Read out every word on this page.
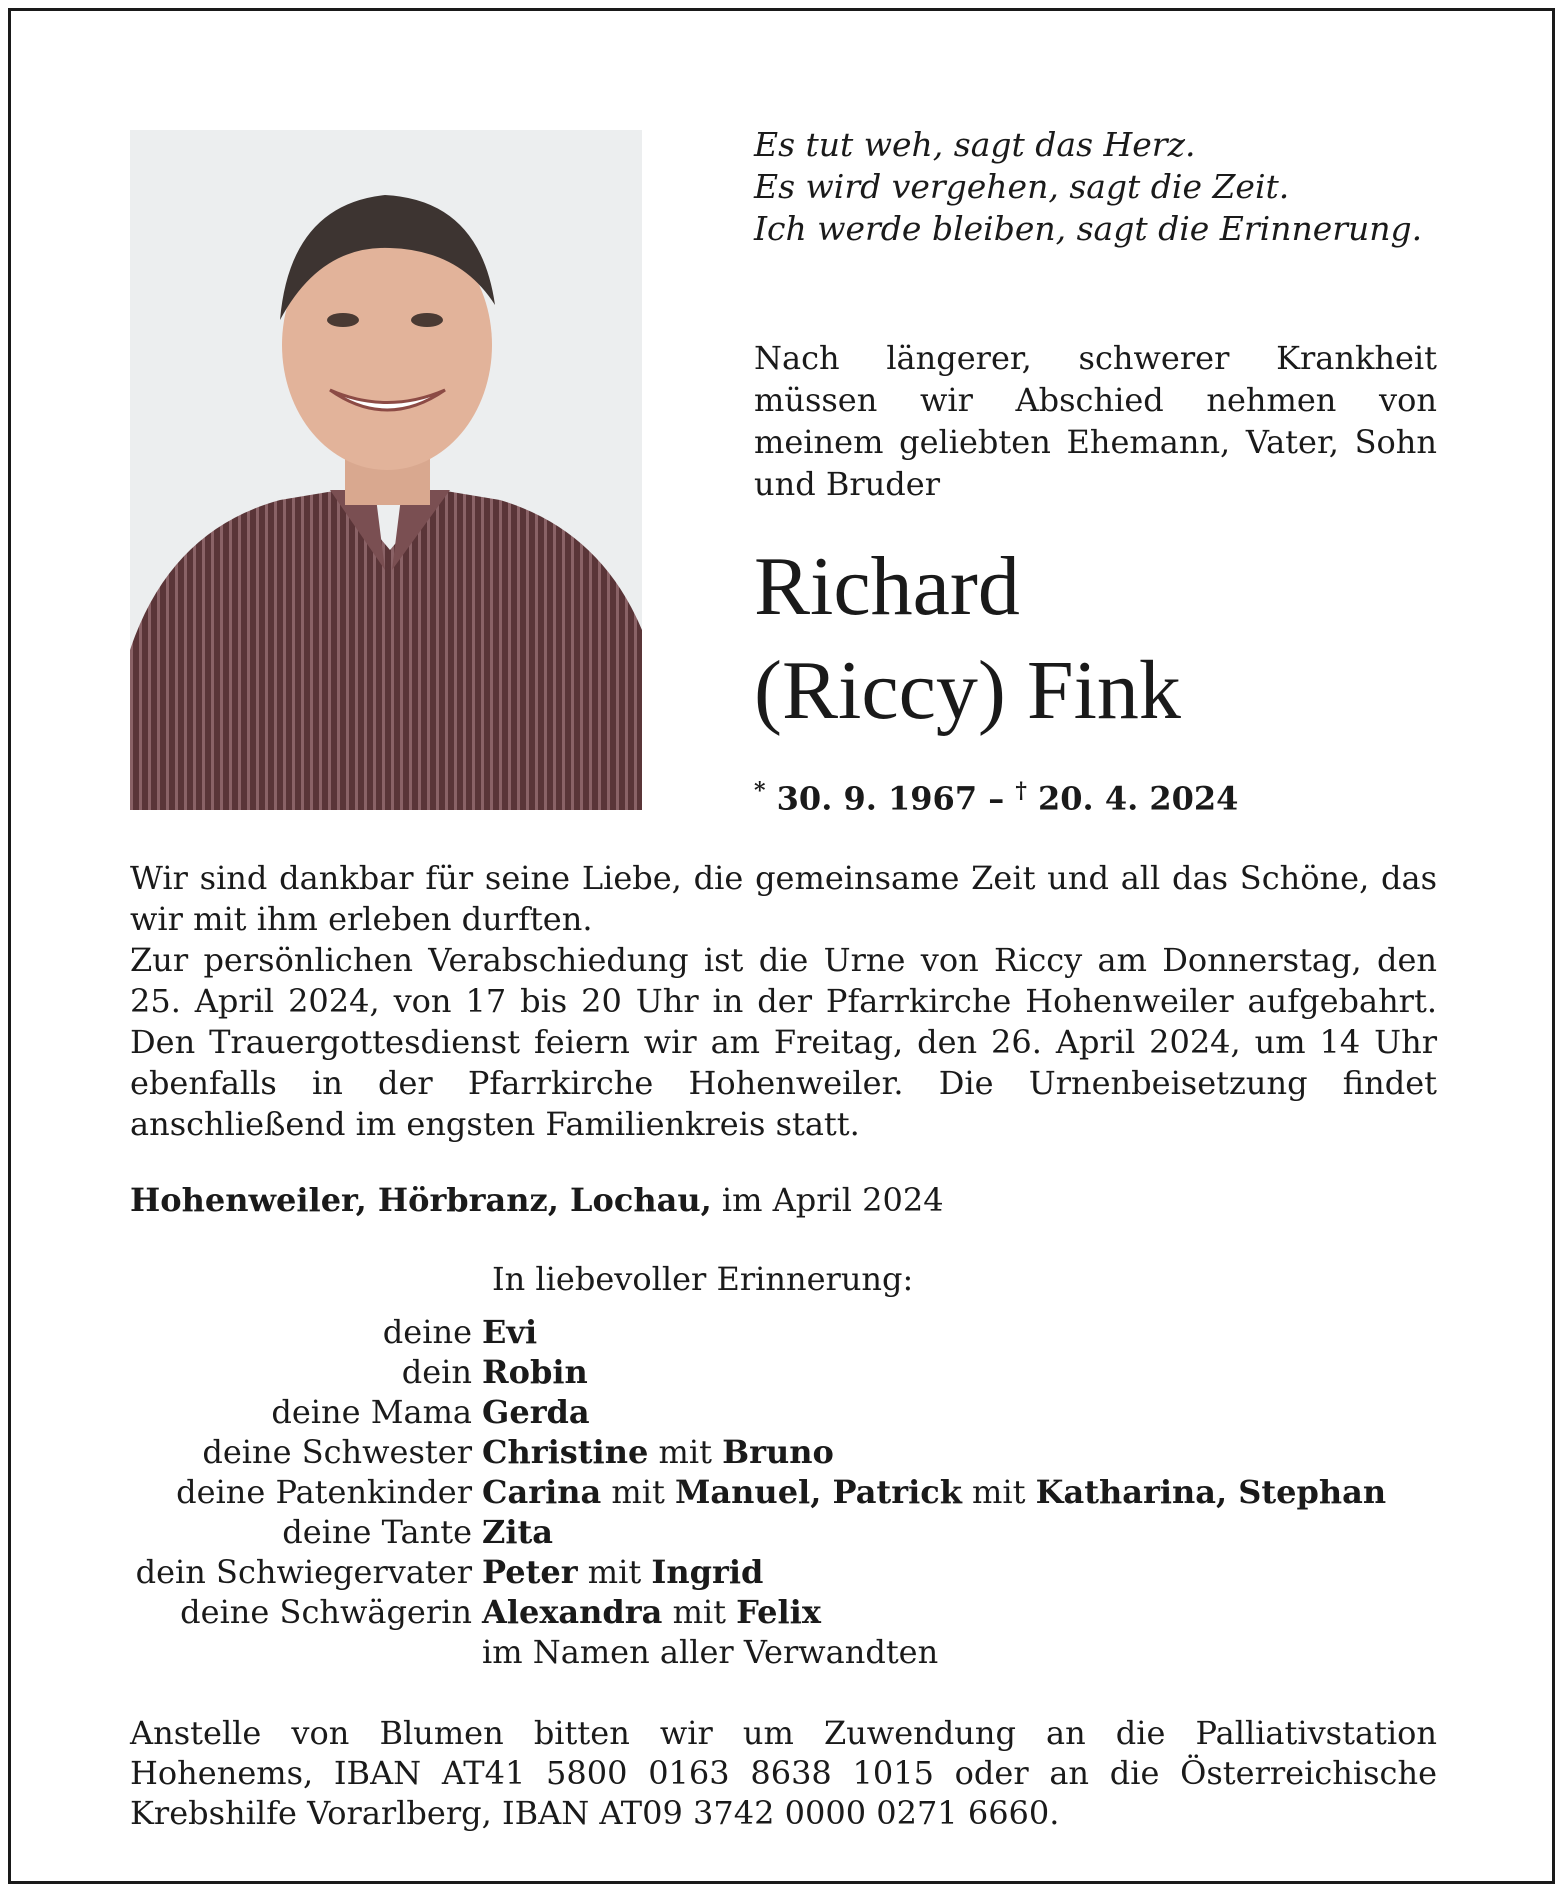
Es tut weh, sagt das Herz.
Es wird vergehen, sagt die Zeit.
Ich werde bleiben, sagt die Erinnerung.
Nach längerer, schwerer Krankheit müssen wir Abschied nehmen von meinem geliebten Ehemann, Vater, Sohn und Bruder
Richard
(Riccy) Fink
* 30. 9. 1967 – † 20. 4. 2024

Wir sind dankbar für seine Liebe, die gemeinsame Zeit und all das Schöne, das wir mit ihm erleben durften.

Zur persönlichen Verabschiedung ist die Urne von Riccy am Donnerstag, den 25. April 2024, von 17 bis 20 Uhr in der Pfarrkirche Hohenweiler aufgebahrt. Den Trauergottesdienst feiern wir am Freitag, den 26. April 2024, um 14 Uhr ebenfalls in der Pfarrkirche Hohenweiler. Die Urnenbeisetzung findet anschließend im engsten Familienkreis statt.

Hohenweiler, Hörbranz, Lochau, im April 2024
In liebevoller Erinnerung:
deine Evi
dein Robin
deine Mama Gerda
deine Schwester Christine mit Bruno
deine Patenkinder Carina mit Manuel, Patrick mit Katharina, Stephan
deine Tante Zita
dein Schwiegervater Peter mit Ingrid
deine Schwägerin Alexandra mit Felix
im Namen aller Verwandten
Anstelle von Blumen bitten wir um Zuwendung an die Palliativstation Hohenems, IBAN AT41 5800 0163 8638 1015 oder an die Österreichische Krebshilfe Vorarlberg, IBAN AT09 3742 0000 0271 6660.
